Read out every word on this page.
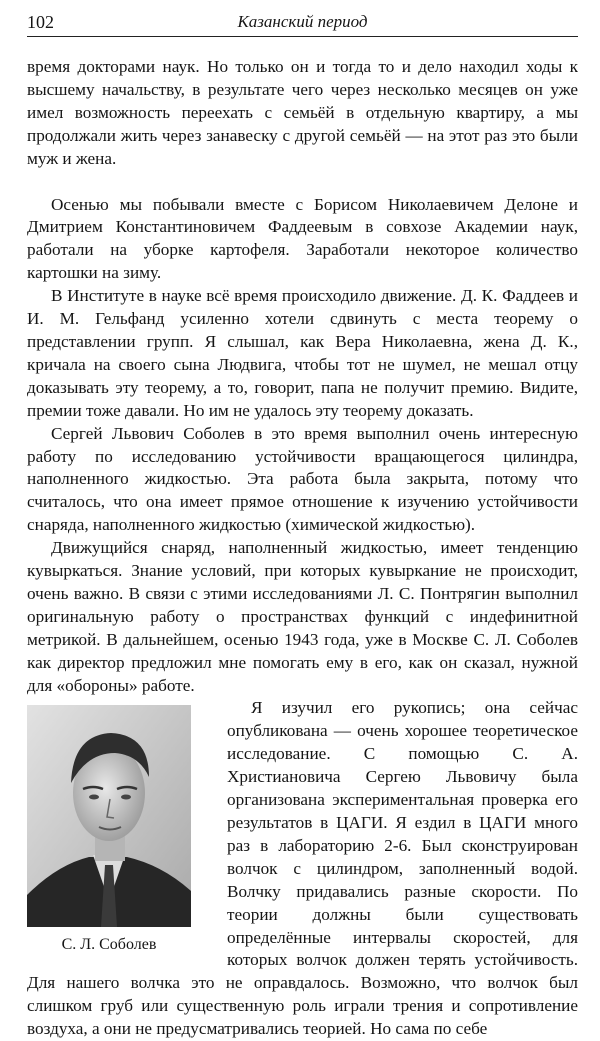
102	Казанский период

время докторами наук. Но только он и тогда то и дело находил ходы к высшему начальству, в результате чего через несколько месяцев он уже имел возможность переехать с семьёй в отдельную квартиру, а мы продолжали жить через занавеску с другой семьёй — на этот раз это были муж и жена.

Осенью мы побывали вместе с Борисом Николаевичем Делоне и Дмитрием Константиновичем Фаддеевым в совхозе Академии наук, работали на уборке картофеля. Заработали некоторое количество картошки на зиму.

В Институте в науке всё время происходило движение. Д. К. Фаддеев и И. М. Гельфанд усиленно хотели сдвинуть с места теорему о представлении групп. Я слышал, как Вера Николаевна, жена Д. К., кричала на своего сына Людвига, чтобы тот не шумел, не мешал отцу доказывать эту теорему, а то, говорит, папа не получит премию. Видите, премии тоже давали. Но им не удалось эту теорему доказать.

Сергей Львович Соболев в это время выполнил очень интересную работу по исследованию устойчивости вращающегося цилиндра, наполненного жидкостью. Эта работа была закрыта, потому что считалось, что она имеет прямое отношение к изучению устойчивости снаряда, наполненного жидкостью (химической жидкостью).

Движущийся снаряд, наполненный жидкостью, имеет тенденцию кувыркаться. Знание условий, при которых кувыркание не происходит, очень важно. В связи с этими исследованиями Л. С. Понтрягин выполнил оригинальную работу о пространствах функций с индефинитной метрикой. В дальнейшем, осенью 1943 года, уже в Москве С. Л. Соболев как директор предложил мне помогать ему в его, как он сказал, нужной для «обороны» работе.

С. Л. Соболев

Я изучил его рукопись; она сейчас опубликована — очень хорошее теоретическое исследование. С помощью С. А. Христиановича Сергею Львовичу была организована экспериментальная проверка его результатов в ЦАГИ. Я ездил в ЦАГИ много раз в лабораторию 2-6. Был сконструирован волчок с цилиндром, заполненный водой. Волчку придавались разные скорости. По теории должны были существовать определённые интервалы скоростей, для которых волчок должен терять устойчивость. Для нашего волчка это не оправдалось. Возможно, что волчок был слишком груб или существенную роль играли трения и сопротивление воздуха, а они не предусматривались теорией. Но сама по себе
